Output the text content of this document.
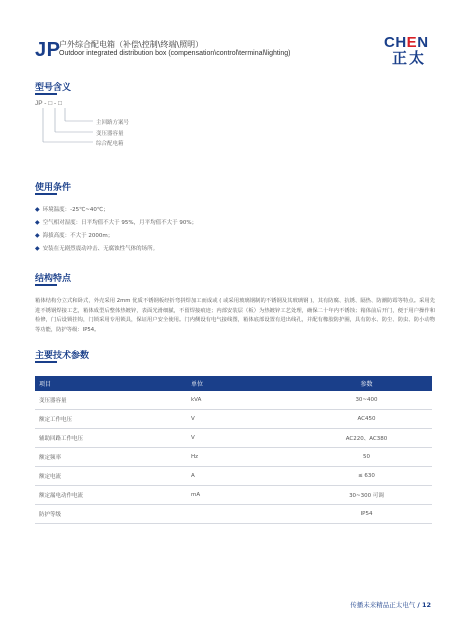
JP
户外综合配电箱（补偿\控制\终端\照明）
Outdoor integrated distribution box (compensation\control\terminal\lighting)
CHEN
正太
型号含义
JP - □ - □
主回路方案号
变压器容量
综合配电箱
使用条件
◆ 环境温度：-25℃~40℃；
◆ 空气相对湿度：日平均值不大于 95%，月平均值不大于 90%；
◆ 海拔高度：不大于 2000m；
◆ 安装在无剧烈震动冲击、无腐蚀性气体的场所。
结构特点
箱体结构分立式和卧式，外壳采用 2mm 优质不锈钢板经折弯拼焊加工而成或 ( 或采用玻璃钢制的不锈钢及其玻璃钢 )，其有防腐、抗锈、隔热、防潮防霉等特点。采用先进不锈钢焊接工艺，箱体成型后整体热镀锌，表面光滑细腻，不留焊接痕迹；内部安装层（板）为热镀锌工艺处理，确保二十年内不锈蚀；箱体前后开门，便于用户操作和检修，门后设锁挂钩，门锁采用专用锁具，保证用户安全使用。门内侧设有电气接线图，箱体底部设置有进出线孔，并配有橡胶防护圈，具有防水、防尘、防虫、防小动物等功能，防护等级：IP54。
主要技术参数
项目	单位	参数
变压器容量	kVA	30~400
额定工作电压	V	AC450
辅助回路工作电压	V	AC220、AC380
额定频率	Hz	50
额定电流	A	≤ 630
额定漏电动作电流	mA	30~300 可调
防护等级		IP54
传播未来精品正太电气 / 12
